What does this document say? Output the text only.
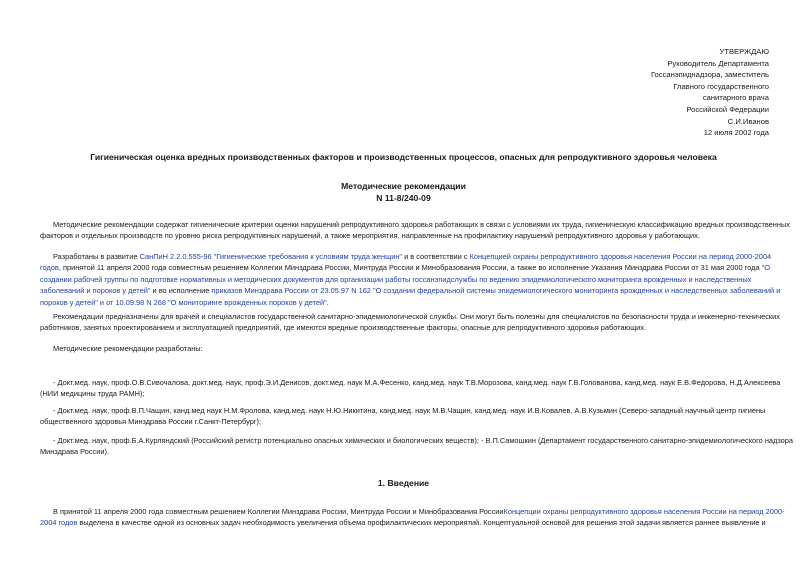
УТВЕРЖДАЮ
Руководитель Департамента
Госсанэпиднадзора, заместитель
Главного государственного
санитарного врача
Российской Федерации
С.И.Иванов
12 июля 2002 года
Гигиеническая оценка вредных производственных факторов и производственных процессов, опасных для репродуктивного здоровья человека
Методические рекомендации
N 11-8/240-09
Методические рекомендации содержат гигиенические критерии оценки нарушений репродуктивного здоровья работающих в связи с условиями их труда, гигиеническую классификацию вредных производственных
факторов и отдельных производств по уровню риска репродуктивных нарушений, а также мероприятия, направленные на профилактику нарушений репродуктивного здоровья у работающих.
Разработаны в развитие СанПиН 2.2.0.555-96 "Гигиенические требования к условиям труда женщин" и в соответствии с Концепцией охраны репродуктивного здоровья населения России на период 2000-2004
годов, принятой 11 апреля 2000 года совместным решением Коллегии Минздрава России, Минтруда России и Минобразования России, а также во исполнение Указания Минздрава России от 31 мая 2000 года "О
создании рабочей группы по подготовке нормативных и методических документов для организации работы госсанэпидслужбы по ведению эпидемиологического мониторинга врожденных и наследственных
заболеваний и пороков у детей" и во исполнение приказов Минздрава России от 23.05.97 N 162 "О создании федеральной системы эпидемиологического мониторинга врожденных и наследственных заболеваний и
пороков у детей" и от 10.09.98 N 268 "О мониторинге врожденных пороков у детей".
Рекомендации предназначены для врачей и специалистов государственной санитарно-эпидемиологической службы. Они могут быть полезны для специалистов по безопасности труда и инженерно-технических
работников, занятых проектированием и эксплуатацией предприятий, где имеются вредные производственные факторы, опасные для репродуктивного здоровья работающих.
Методические рекомендации разработаны:
- Докт.мед. наук, проф.О.В.Сивочалова, докт.мед. наук, проф.Э.И.Денисов, докт.мед. наук М.А.Фесенко, канд.мед. наук Т.В.Морозова, канд.мед. наук Г.В.Голованова, канд.мед. наук Е.В.Федорова, Н.Д.Алексеева
(НИИ медицины труда РАМН);
- Докт.мед. наук, проф.В.П.Чащин, канд.мед наук Н.М.Фролова, канд.мед. наук Н.Ю.Никитина, канд.мед. наук М.В.Чащин, канд.мед. наук И.В.Ковалев, А.В.Кузьмин (Северо-западный научный центр гигиены
общественного здоровья Минздрава России г.Санкт-Петербург);
- Докт.мед. наук, проф.Б.А.Курляндский (Российский регистр потенциально опасных химических и биологических веществ); - В.П.Самошкин (Департамент государственного санитарно-эпидемиологического надзора
Минздрава России).
1. Введение
В принятой 11 апреля 2000 года совместным решением Коллегии Минздрава России, Минтруда России и Минобразования РоссииКонцепции охраны репродуктивного здоровья населения России на период 2000-
2004 годов выделена в качестве одной из основных задач необходимость увеличения объема профилактических мероприятий. Концептуальной основой для решения этой задачи является раннее выявление и
